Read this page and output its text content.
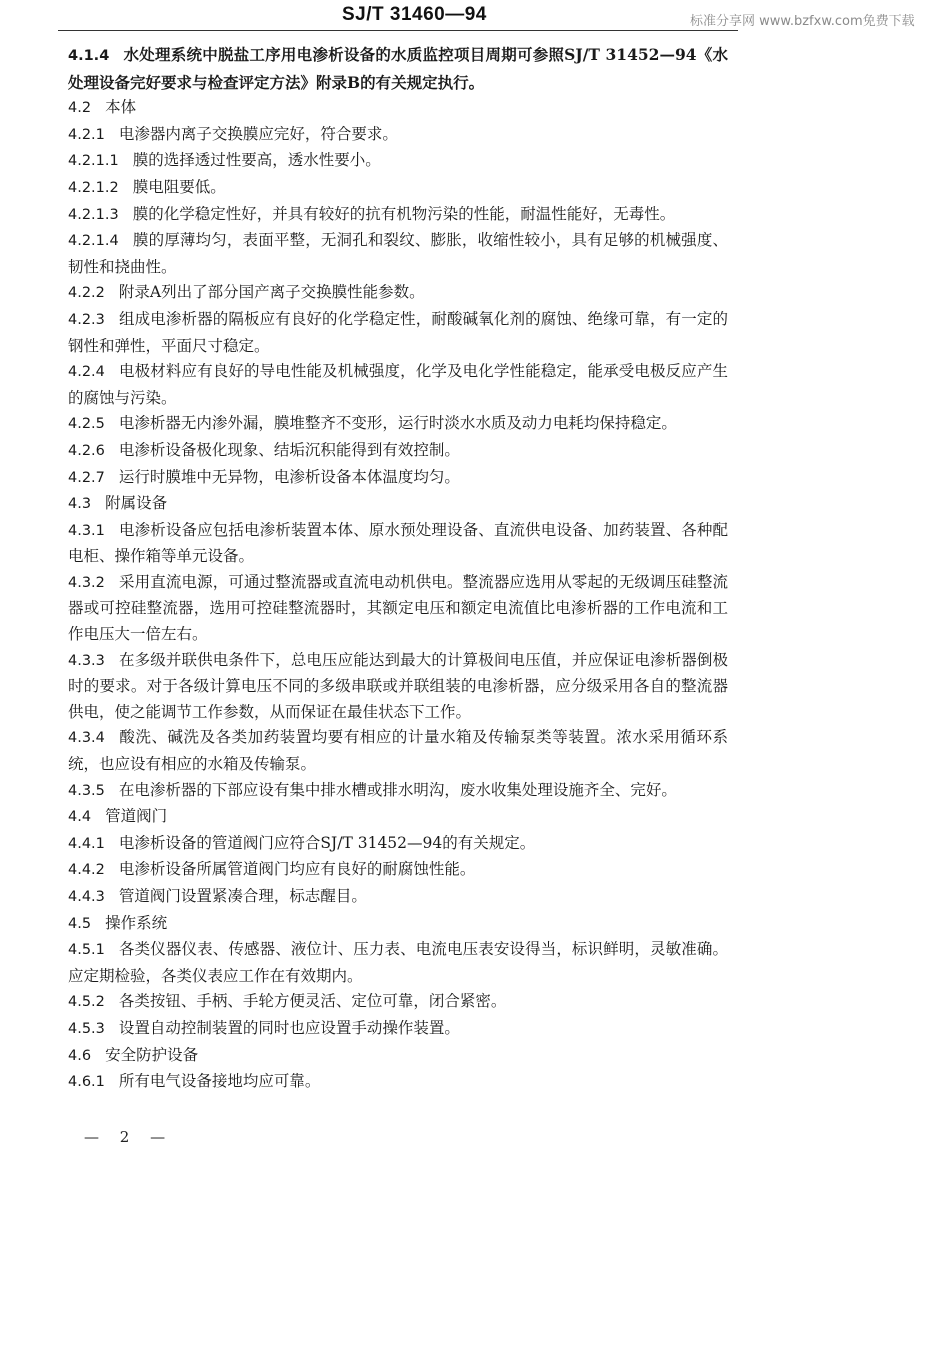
SJ/T 31460—94	标准分享网 www.bzfxw.com免费下载

4.1.4 水处理系统中脱盐工序用电渗析设备的水质监控项目周期可参照SJ/T 31452—94《水处理设备完好要求与检查评定方法》附录B的有关规定执行。

4.2 本体

4.2.1 电渗器内离子交换膜应完好，符合要求。

4.2.1.1 膜的选择透过性要高，透水性要小。

4.2.1.2 膜电阻要低。

4.2.1.3 膜的化学稳定性好，并具有较好的抗有机物污染的性能，耐温性能好，无毒性。

4.2.1.4 膜的厚薄均匀，表面平整，无洞孔和裂纹、膨胀，收缩性较小，具有足够的机械强度、韧性和挠曲性。

4.2.2 附录A列出了部分国产离子交换膜性能参数。

4.2.3 组成电渗析器的隔板应有良好的化学稳定性，耐酸碱氧化剂的腐蚀、绝缘可靠，有一定的钢性和弹性，平面尺寸稳定。

4.2.4 电极材料应有良好的导电性能及机械强度，化学及电化学性能稳定，能承受电极反应产生的腐蚀与污染。

4.2.5 电渗析器无内渗外漏，膜堆整齐不变形，运行时淡水水质及动力电耗均保持稳定。

4.2.6 电渗析设备极化现象、结垢沉积能得到有效控制。

4.2.7 运行时膜堆中无异物，电渗析设备本体温度均匀。

4.3 附属设备

4.3.1 电渗析设备应包括电渗析装置本体、原水预处理设备、直流供电设备、加药装置、各种配电柜、操作箱等单元设备。

4.3.2 采用直流电源，可通过整流器或直流电动机供电。整流器应选用从零起的无级调压硅整流器或可控硅整流器，选用可控硅整流器时，其额定电压和额定电流值比电渗析器的工作电流和工作电压大一倍左右。

4.3.3 在多级并联供电条件下，总电压应能达到最大的计算极间电压值，并应保证电渗析器倒极时的要求。对于各级计算电压不同的多级串联或并联组装的电渗析器，应分级采用各自的整流器供电，使之能调节工作参数，从而保证在最佳状态下工作。

4.3.4 酸洗、碱洗及各类加药装置均要有相应的计量水箱及传输泵类等装置。浓水采用循环系统，也应设有相应的水箱及传输泵。

4.3.5 在电渗析器的下部应设有集中排水槽或排水明沟，废水收集处理设施齐全、完好。

4.4 管道阀门

4.4.1 电渗析设备的管道阀门应符合SJ/T 31452—94的有关规定。

4.4.2 电渗析设备所属管道阀门均应有良好的耐腐蚀性能。

4.4.3 管道阀门设置紧凑合理，标志醒目。

4.5 操作系统

4.5.1 各类仪器仪表、传感器、液位计、压力表、电流电压表安设得当，标识鲜明，灵敏准确。应定期检验，各类仪表应工作在有效期内。

4.5.2 各类按钮、手柄、手轮方便灵活、定位可靠，闭合紧密。

4.5.3 设置自动控制装置的同时也应设置手动操作装置。

4.6 安全防护设备

4.6.1 所有电气设备接地均应可靠。

— 2 —
